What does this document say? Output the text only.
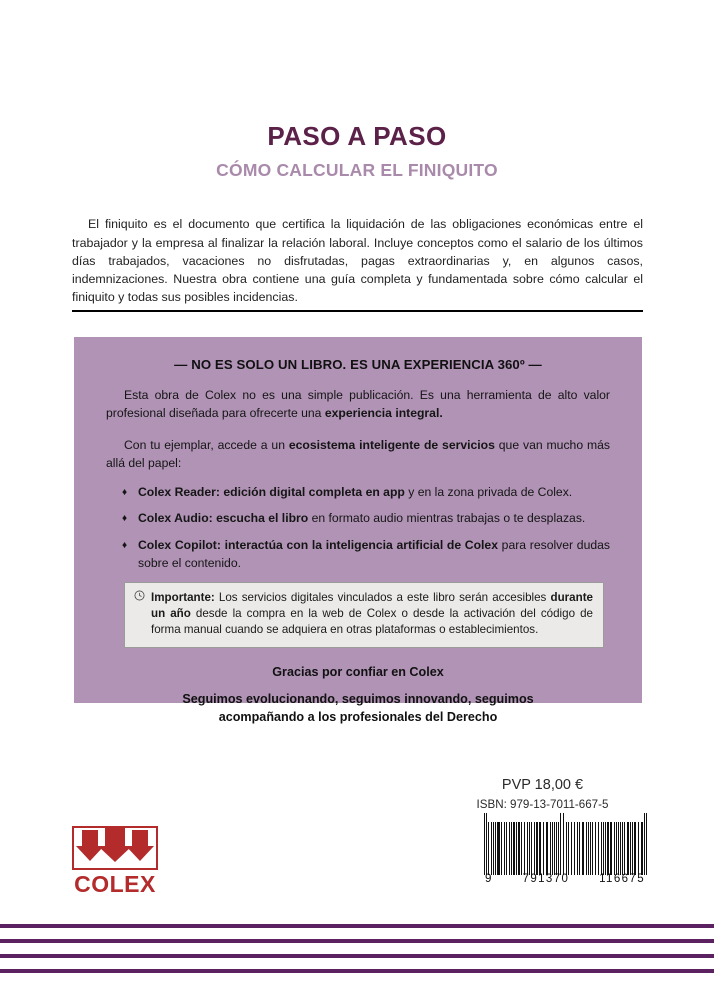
PASO A PASO
CÓMO CALCULAR EL FINIQUITO

El finiquito es el documento que certifica la liquidación de las obligaciones económicas entre el trabajador y la empresa al finalizar la relación laboral. Incluye conceptos como el salario de los últimos días trabajados, vacaciones no disfrutadas, pagas extraordinarias y, en algunos casos, indemnizaciones. Nuestra obra contiene una guía completa y fundamentada sobre cómo calcular el finiquito y todas sus posibles incidencias.

— NO ES SOLO UN LIBRO. ES UNA EXPERIENCIA 360º —

Esta obra de Colex no es una simple publicación. Es una herramienta de alto valor profesional diseñada para ofrecerte una experiencia integral.

Con tu ejemplar, accede a un ecosistema inteligente de servicios que van mucho más allá del papel:

♦ Colex Reader: edición digital completa en app y en la zona privada de Colex.
♦ Colex Audio: escucha el libro en formato audio mientras trabajas o te desplazas.
♦ Colex Copilot: interactúa con la inteligencia artificial de Colex para resolver dudas sobre el contenido.
Importante: Los servicios digitales vinculados a este libro serán accesibles durante un año desde la compra en la web de Colex o desde la activación del código de forma manual cuando se adquiera en otras plataformas o establecimientos.

Gracias por confiar en Colex

Seguimos evolucionando, seguimos innovando, seguimos acompañando a los profesionales del Derecho

PVP 18,00 €

ISBN: 979-13-7011-667-5

9	791370	116675
COLEX
